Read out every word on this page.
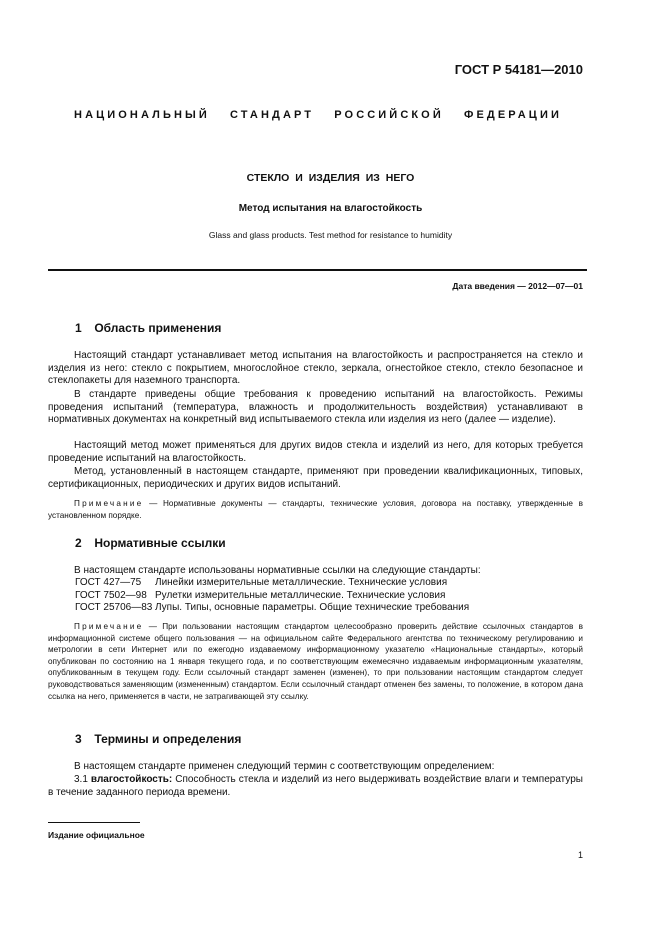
ГОСТ Р 54181—2010
НАЦИОНАЛЬНЫЙ СТАНДАРТ РОССИЙСКОЙ ФЕДЕРАЦИИ
СТЕКЛО И ИЗДЕЛИЯ ИЗ НЕГО
Метод испытания на влагостойкость
Glass and glass products. Test method for resistance to humidity
Дата введения — 2012—07—01
1 Область применения
Настоящий стандарт устанавливает метод испытания на влагостойкость и распространяется на стекло и изделия из него: стекло с покрытием, многослойное стекло, зеркала, огнестойкое стекло, стекло безопасное и стеклопакеты для наземного транспорта.
В стандарте приведены общие требования к проведению испытаний на влагостойкость. Режимы проведения испытаний (температура, влажность и продолжительность воздействия) устанавливают в нормативных документах на конкретный вид испытываемого стекла или изделия из него (далее — изделие).
Настоящий метод может применяться для других видов стекла и изделий из него, для которых требуется проведение испытаний на влагостойкость.
Метод, установленный в настоящем стандарте, применяют при проведении квалификационных, типовых, сертификационных, периодических и других видов испытаний.
Примечание — Нормативные документы — стандарты, технические условия, договора на поставку, утвержденные в установленном порядке.
2 Нормативные ссылки
В настоящем стандарте использованы нормативные ссылки на следующие стандарты:
ГОСТ 427—75 Линейки измерительные металлические. Технические условия
ГОСТ 7502—98 Рулетки измерительные металлические. Технические условия
ГОСТ 25706—83 Лупы. Типы, основные параметры. Общие технические требования
Примечание — При пользовании настоящим стандартом целесообразно проверить действие ссылочных стандартов в информационной системе общего пользования — на официальном сайте Федерального агентства по техническому регулированию и метрологии в сети Интернет или по ежегодно издаваемому информационному указателю «Национальные стандарты», который опубликован по состоянию на 1 января текущего года, и по соответствующим ежемесячно издаваемым информационным указателям, опубликованным в текущем году. Если ссылочный стандарт заменен (изменен), то при пользовании настоящим стандартом следует руководствоваться заменяющим (измененным) стандартом. Если ссылочный стандарт отменен без замены, то положение, в котором дана ссылка на него, применяется в части, не затрагивающей эту ссылку.
3 Термины и определения
В настоящем стандарте применен следующий термин с соответствующим определением:
3.1 влагостойкость: Способность стекла и изделий из него выдерживать воздействие влаги и температуры в течение заданного периода времени.
Издание официальное
1
